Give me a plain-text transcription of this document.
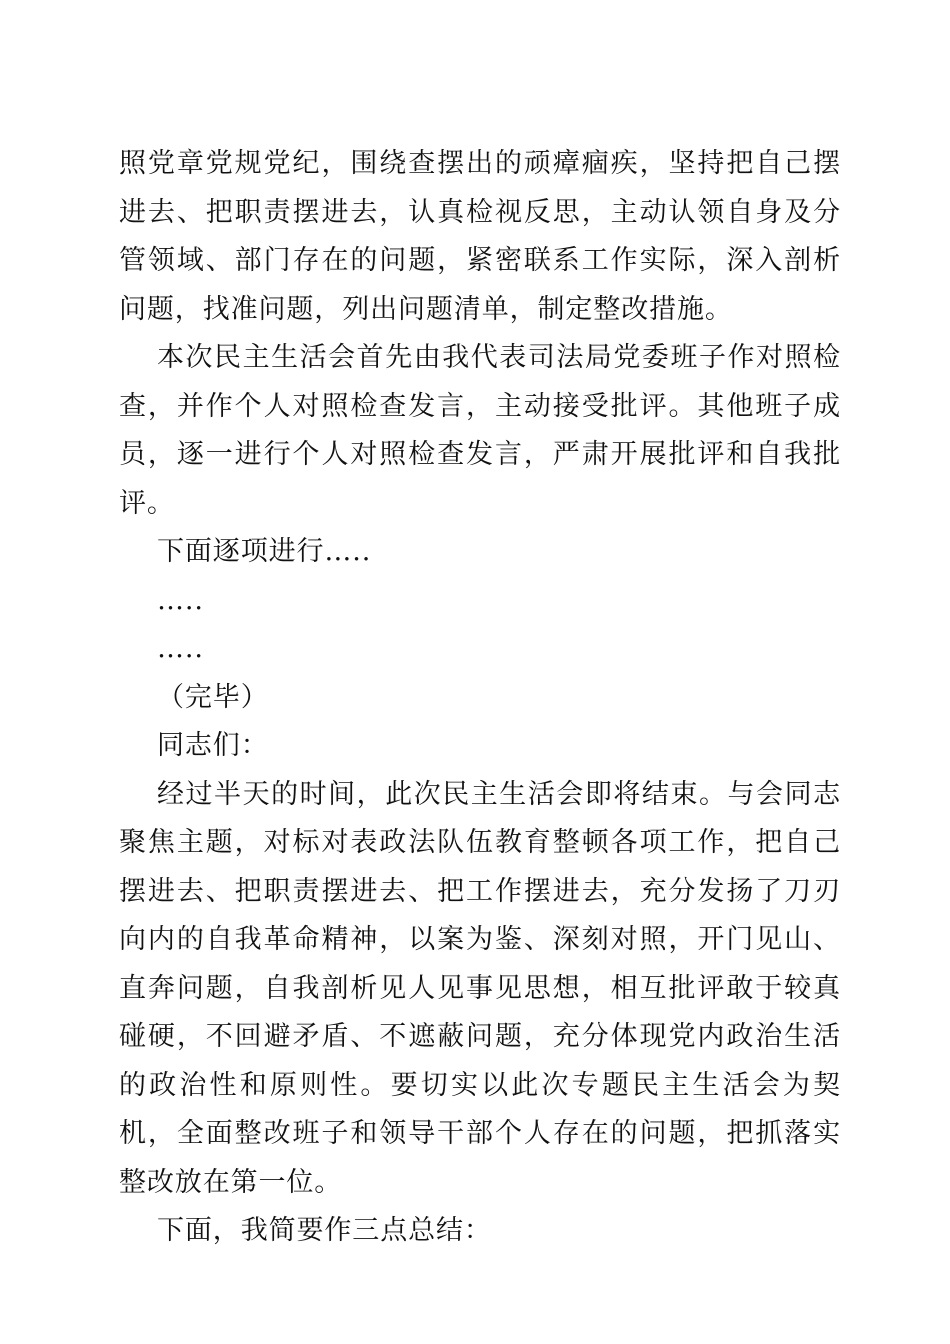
照党章党规党纪，围绕查摆出的顽瘴痼疾，坚持把自己摆进去、把职责摆进去，认真检视反思，主动认领自身及分管领域、部门存在的问题，紧密联系工作实际，深入剖析问题，找准问题，列出问题清单，制定整改措施。

本次民主生活会首先由我代表司法局党委班子作对照检查，并作个人对照检查发言，主动接受批评。其他班子成员，逐一进行个人对照检查发言，严肃开展批评和自我批评。

下面逐项进行…..

…..

…..

（完毕）

同志们：

经过半天的时间，此次民主生活会即将结束。与会同志聚焦主题，对标对表政法队伍教育整顿各项工作，把自己摆进去、把职责摆进去、把工作摆进去，充分发扬了刀刃向内的自我革命精神，以案为鉴、深刻对照，开门见山、直奔问题，自我剖析见人见事见思想，相互批评敢于较真碰硬，不回避矛盾、不遮蔽问题，充分体现党内政治生活的政治性和原则性。要切实以此次专题民主生活会为契机，全面整改班子和领导干部个人存在的问题，把抓落实整改放在第一位。

下面，我简要作三点总结：
